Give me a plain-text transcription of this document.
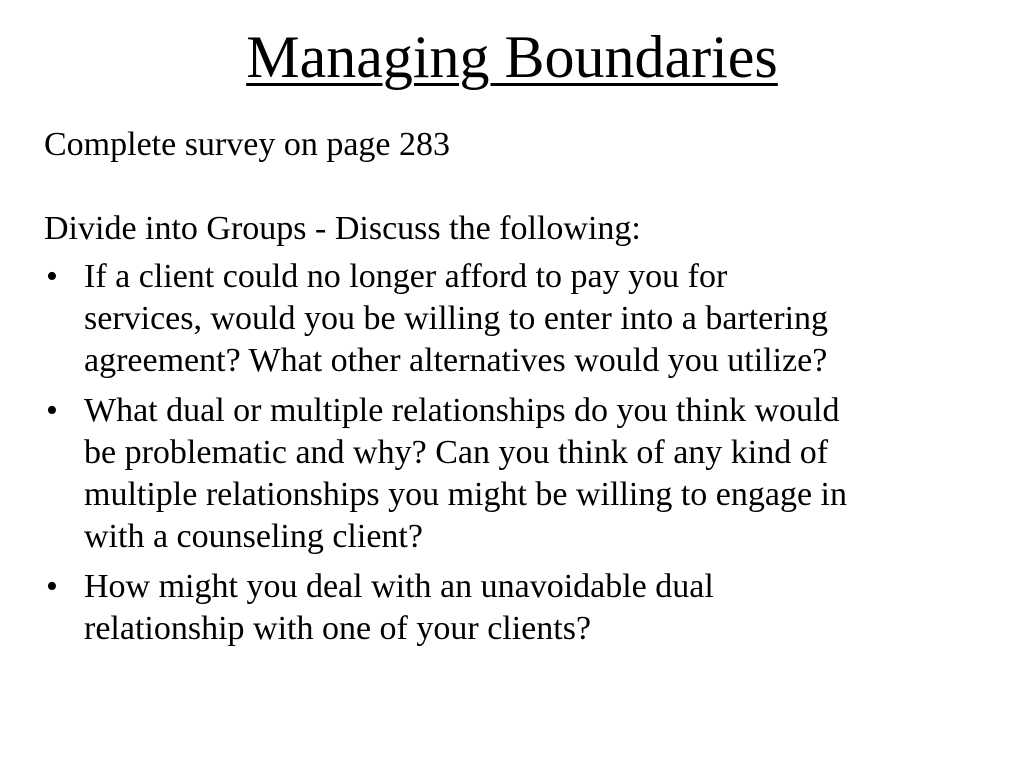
Managing Boundaries

Complete survey on page 283

Divide into Groups - Discuss the following:

• If a client could no longer afford to pay you for
services, would you be willing to enter into a bartering
agreement? What other alternatives would you utilize?
• What dual or multiple relationships do you think would
be problematic and why? Can you think of any kind of
multiple relationships you might be willing to engage in
with a counseling client?
• How might you deal with an unavoidable dual
relationship with one of your clients?
